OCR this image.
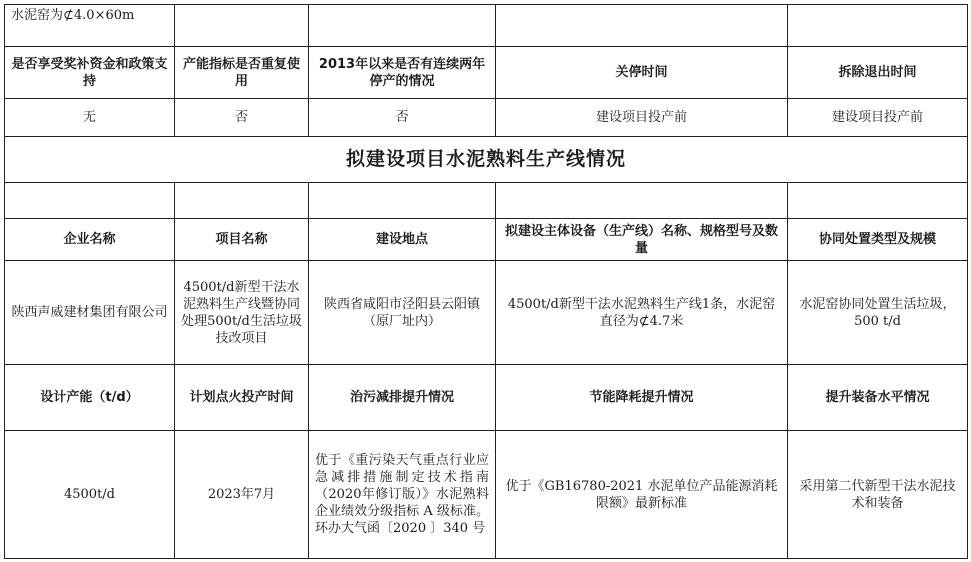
水泥窑为⊄4.0×60m				
是否享受奖补资金和政策支持	产能指标是否重复使用	2013年以来是否有连续两年停产的情况	关停时间	拆除退出时间
无	否	否	建设项目投产前	建设项目投产前
拟建设项目水泥熟料生产线情况				

企业名称	项目名称	建设地点	拟建设主体设备（生产线）名称、规格型号及数量	协同处置类型及规模
陕西声威建材集团有限公司	4500t/d新型干法水泥熟料生产线暨协同处理500t/d生活垃圾技改项目	陕西省咸阳市泾阳县云阳镇（原厂址内）	4500t/d新型干法水泥熟料生产线1条，水泥窑直径为⊄4.7米	水泥窑协同处置生活垃圾，500 t/d
设计产能（t/d）	计划点火投产时间	治污减排提升情况	节能降耗提升情况	提升装备水平情况
4500t/d	2023年7月	优于《重污染天气重点行业应急减排措施制定技术指南（2020年修订版）》水泥熟料企业绩效分级指标 A 级标准。环办大气函〔2020 〕340 号	优于《GB16780-2021 水泥单位产品能源消耗限额》最新标准	采用第二代新型干法水泥技术和装备
